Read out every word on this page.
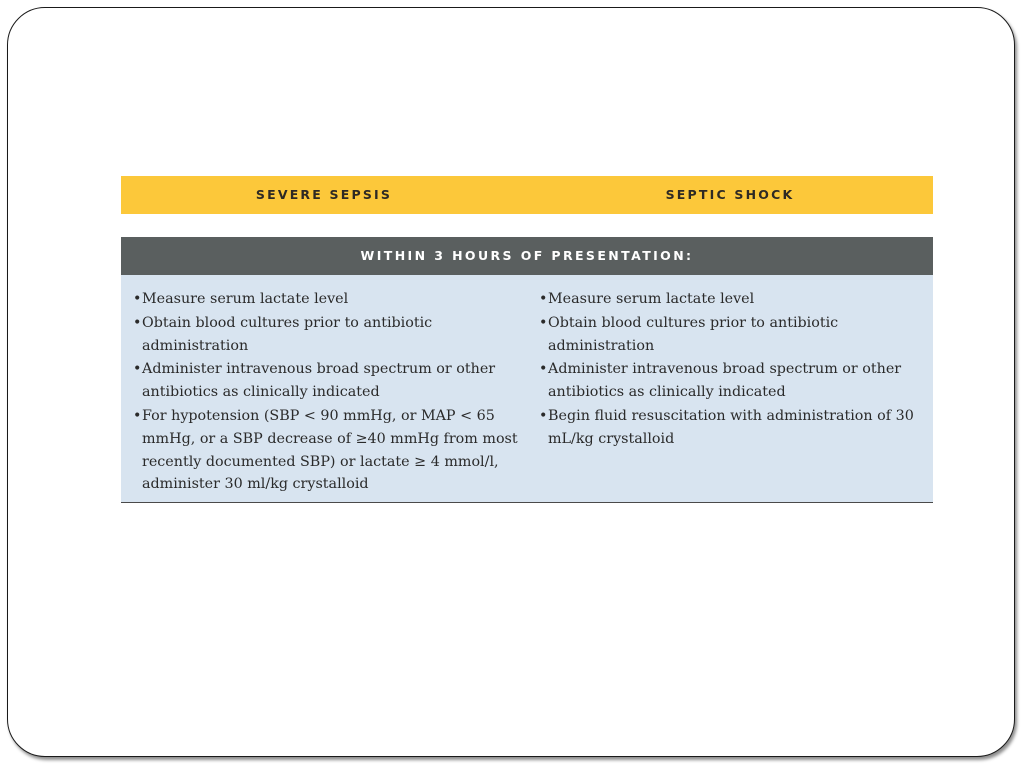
SEVERE SEPSIS	SEPTIC SHOCK
WITHIN 3 HOURS OF PRESENTATION:
• Measure serum lactate level
• Obtain blood cultures prior to antibiotic administration
• Administer intravenous broad spectrum or other antibiotics as clinically indicated
• For hypotension (SBP < 90 mmHg, or MAP < 65 mmHg, or a SBP decrease of ≥40 mmHg from most recently documented SBP) or lactate ≥ 4 mmol/l, administer 30 ml/kg crystalloid
• Measure serum lactate level
• Obtain blood cultures prior to antibiotic administration
• Administer intravenous broad spectrum or other antibiotics as clinically indicated
• Begin fluid resuscitation with administration of 30 mL/kg crystalloid
